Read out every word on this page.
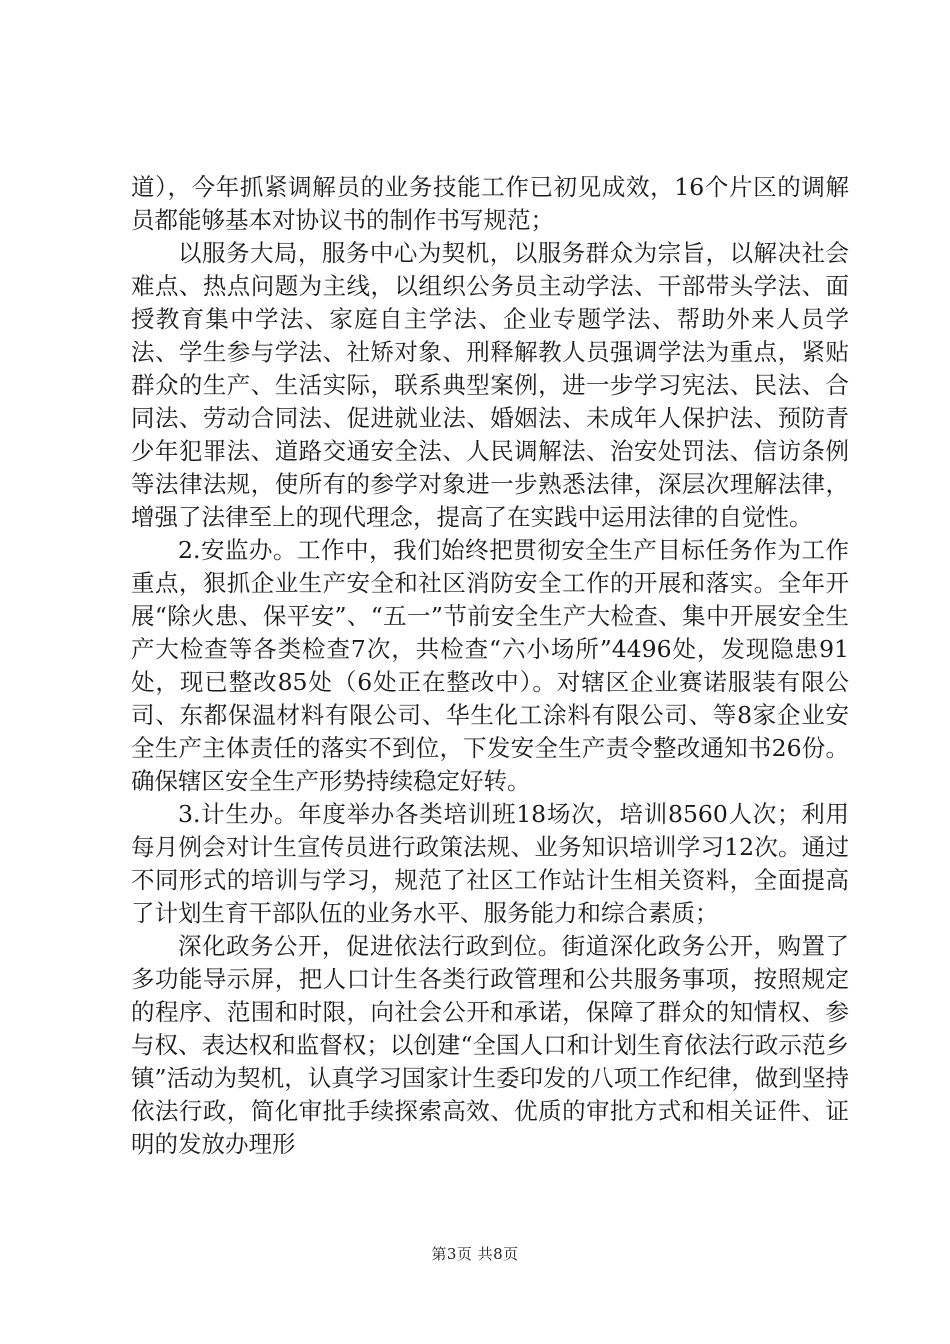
道），今年抓紧调解员的业务技能工作已初见成效，16个片区的调解员都能够基本对协议书的制作书写规范；

以服务大局，服务中心为契机，以服务群众为宗旨，以解决社会难点、热点问题为主线，以组织公务员主动学法、干部带头学法、面授教育集中学法、家庭自主学法、企业专题学法、帮助外来人员学法、学生参与学法、社矫对象、刑释解教人员强调学法为重点，紧贴群众的生产、生活实际，联系典型案例，进一步学习宪法、民法、合同法、劳动合同法、促进就业法、婚姻法、未成年人保护法、预防青少年犯罪法、道路交通安全法、人民调解法、治安处罚法、信访条例等法律法规，使所有的参学对象进一步熟悉法律，深层次理解法律，增强了法律至上的现代理念，提高了在实践中运用法律的自觉性。

2.安监办。工作中，我们始终把贯彻安全生产目标任务作为工作重点，狠抓企业生产安全和社区消防安全工作的开展和落实。全年开展“除火患、保平安”、“五一”节前安全生产大检查、集中开展安全生产大检查等各类检查7次，共检查“六小场所”4496处，发现隐患91处，现已整改85处（6处正在整改中）。对辖区企业赛诺服装有限公司、东都保温材料有限公司、华生化工涂料有限公司、等8家企业安全生产主体责任的落实不到位，下发安全生产责令整改通知书26份。确保辖区安全生产形势持续稳定好转。

3.计生办。年度举办各类培训班18场次，培训8560人次；利用每月例会对计生宣传员进行政策法规、业务知识培训学习12次。通过不同形式的培训与学习，规范了社区工作站计生相关资料，全面提高了计划生育干部队伍的业务水平、服务能力和综合素质；

深化政务公开，促进依法行政到位。街道深化政务公开，购置了多功能导示屏，把人口计生各类行政管理和公共服务事项，按照规定的程序、范围和时限，向社会公开和承诺，保障了群众的知情权、参与权、表达权和监督权；以创建“全国人口和计划生育依法行政示范乡镇”活动为契机，认真学习国家计生委印发的八项工作纪律，做到坚持依法行政，简化审批手续探索高效、优质的审批方式和相关证件、证明的发放办理形

第3页 共8页
